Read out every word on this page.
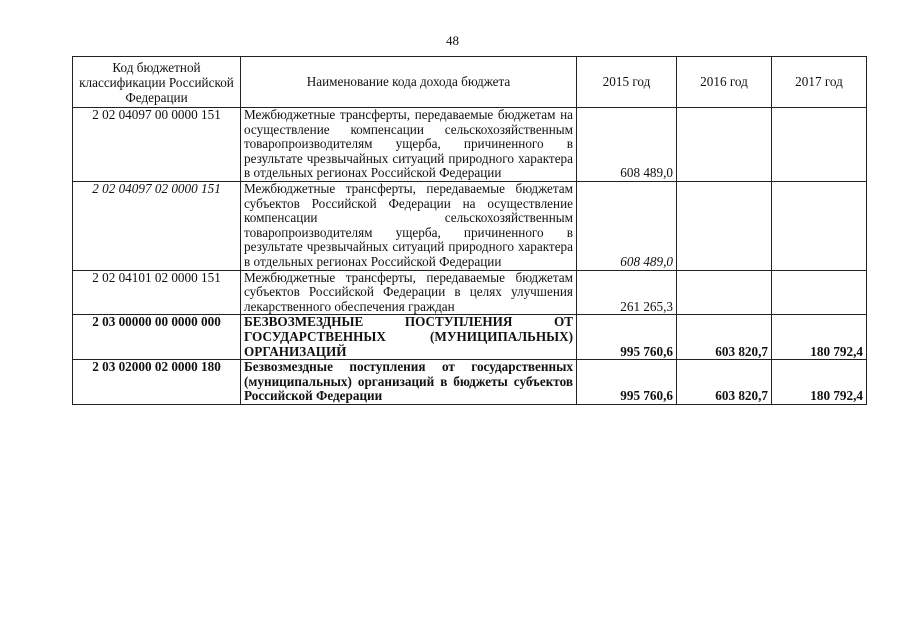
48
Код бюджетной классификации Российской Федерации	Наименование кода дохода бюджета	2015 год	2016 год	2017 год
2 02 04097 00 0000 151	Межбюджетные трансферты, передаваемые бюджетам на осуществление компенсации сельскохозяйственным товаропроизводителям ущерба, причиненного в результате чрезвычайных ситуаций природного характера в отдельных регионах Российской Федерации	608 489,0		
2 02 04097 02 0000 151	Межбюджетные трансферты, передаваемые бюджетам субъектов Российской Федерации на осуществление компенсации сельскохозяйственным товаропроизводителям ущерба, причиненного в результате чрезвычайных ситуаций природного характера в отдельных регионах Российской Федерации	608 489,0		
2 02 04101 02 0000 151	Межбюджетные трансферты, передаваемые бюджетам субъектов Российской Федерации в целях улучшения лекарственного обеспечения граждан	261 265,3		
2 03 00000 00 0000 000	БЕЗВОЗМЕЗДНЫЕ ПОСТУПЛЕНИЯ ОТ ГОСУДАРСТВЕННЫХ (МУНИЦИПАЛЬНЫХ) ОРГАНИЗАЦИЙ	995 760,6	603 820,7	180 792,4
2 03 02000 02 0000 180	Безвозмездные поступления от государственных (муниципальных) организаций в бюджеты субъектов Российской Федерации	995 760,6	603 820,7	180 792,4
